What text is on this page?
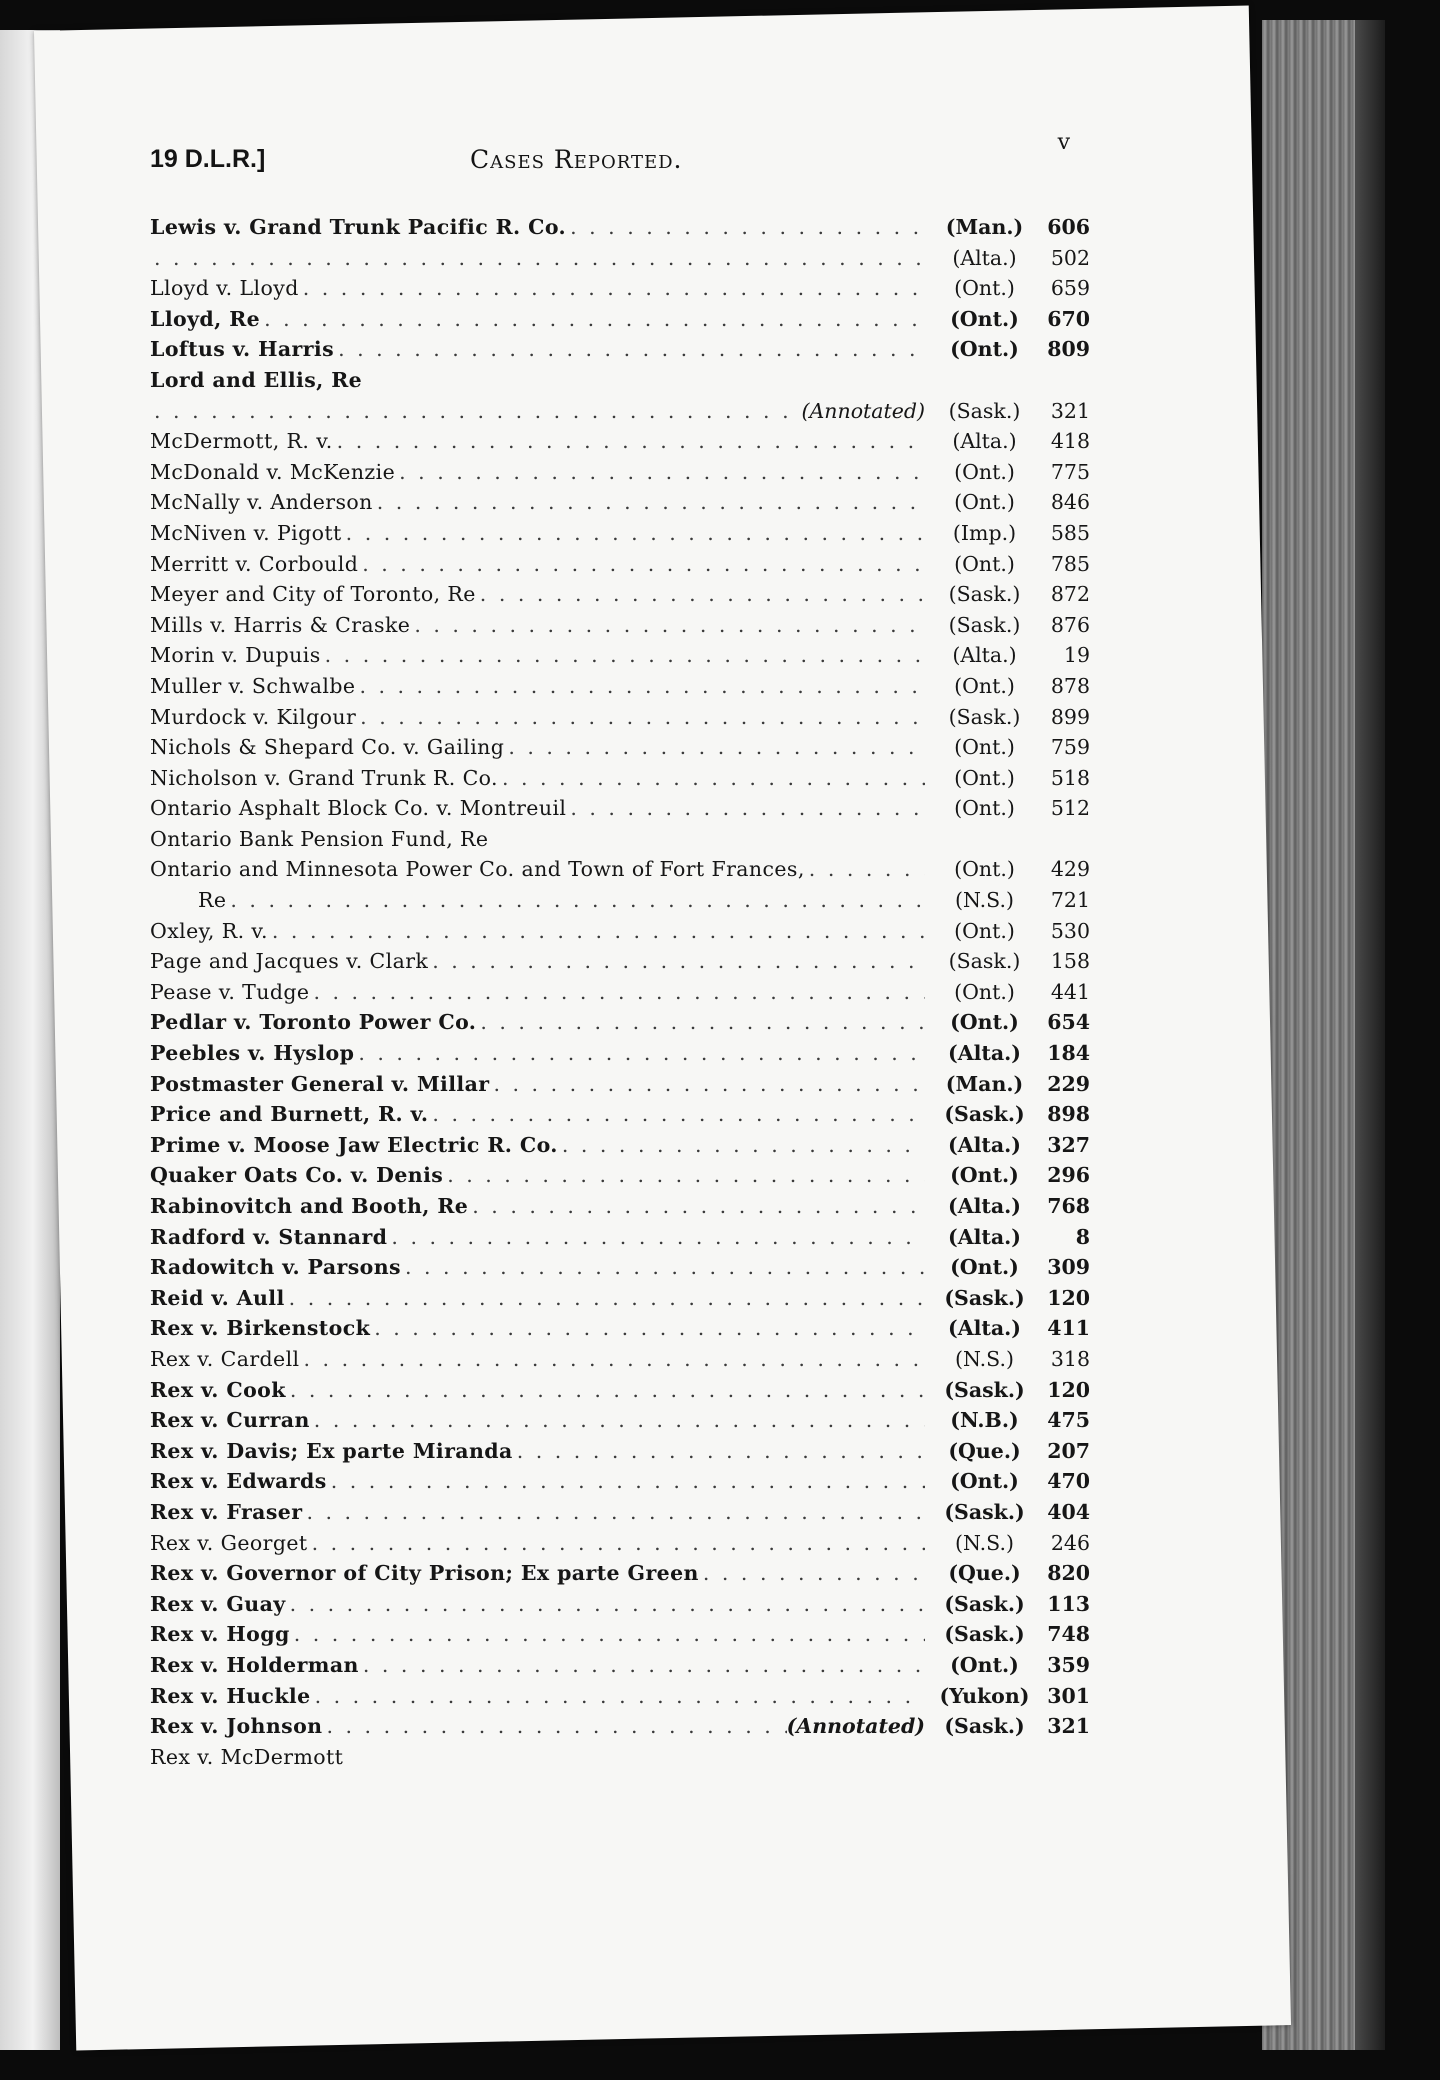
19 D.L.R.]	Cases Reported.
v
Lewis v. Grand Trunk Pacific R. Co. . . .	(Man.)	606
. . .
(Alta.)	502
Lloyd v. Lloyd . . .	(Ont.)	659
Lloyd, Re . . .	(Ont.)	670
Loftus v. Harris . . .	(Ont.)	809
Lord and Ellis, Re
. . .
(Annotated)	(Sask.)	321
McDermott, R. v. . . .	(Alta.)	418
McDonald v. McKenzie . . .	(Ont.)	775
McNally v. Anderson . . .	(Ont.)	846
McNiven v. Pigott . . .	(Imp.)	585
Merritt v. Corbould . . .	(Ont.)	785
Meyer and City of Toronto, Re . . .	(Sask.)	872
Mills v. Harris & Craske . . .	(Sask.)	876
Morin v. Dupuis . . .	(Alta.)	19
Muller v. Schwalbe . . .	(Ont.)	878
Murdock v. Kilgour . . .	(Sask.)	899
Nichols & Shepard Co. v. Gailing . . .	(Ont.)	759
Nicholson v. Grand Trunk R. Co. . . .	(Ont.)	518
Ontario Asphalt Block Co. v. Montreuil . . .	(Ont.)	512
Ontario Bank Pension Fund, Re
Ontario and Minnesota Power Co. and Town of Fort Frances, . . .	(Ont.)	429
Re . . .	(N.S.)	721
Oxley, R. v. . . .	(Ont.)	530
Page and Jacques v. Clark . . .	(Sask.)	158
Pease v. Tudge . . .	(Ont.)	441
Pedlar v. Toronto Power Co. . . .	(Ont.)	654
Peebles v. Hyslop . . .	(Alta.)	184
Postmaster General v. Millar . . .	(Man.)	229
Price and Burnett, R. v. . . .	(Sask.)	898
Prime v. Moose Jaw Electric R. Co. . . .	(Alta.)	327
Quaker Oats Co. v. Denis . . .	(Ont.)	296
Rabinovitch and Booth, Re . . .	(Alta.)	768
Radford v. Stannard . . .	(Alta.)	8
Radowitch v. Parsons . . .	(Ont.)	309
Reid v. Aull . . .	(Sask.)	120
Rex v. Birkenstock . . .	(Alta.)	411
Rex v. Cardell . . .	(N.S.)	318
Rex v. Cook . . .	(Sask.)	120
Rex v. Curran . . .	(N.B.)	475
Rex v. Davis; Ex parte Miranda . . .	(Que.)	207
Rex v. Edwards . . .	(Ont.)	470
Rex v. Fraser . . .	(Sask.)	404
Rex v. Georget . . .	(N.S.)	246
Rex v. Governor of City Prison; Ex parte Green . . .	(Que.)	820
Rex v. Guay . . .	(Sask.)	113
Rex v. Hogg . . .	(Sask.)	748
Rex v. Holderman . . .	(Ont.)	359
Rex v. Huckle . . .	(Yukon) 301
Rex v. Johnson . . .	(Annotated) (Sask.)	321
Rex v. McDermott
